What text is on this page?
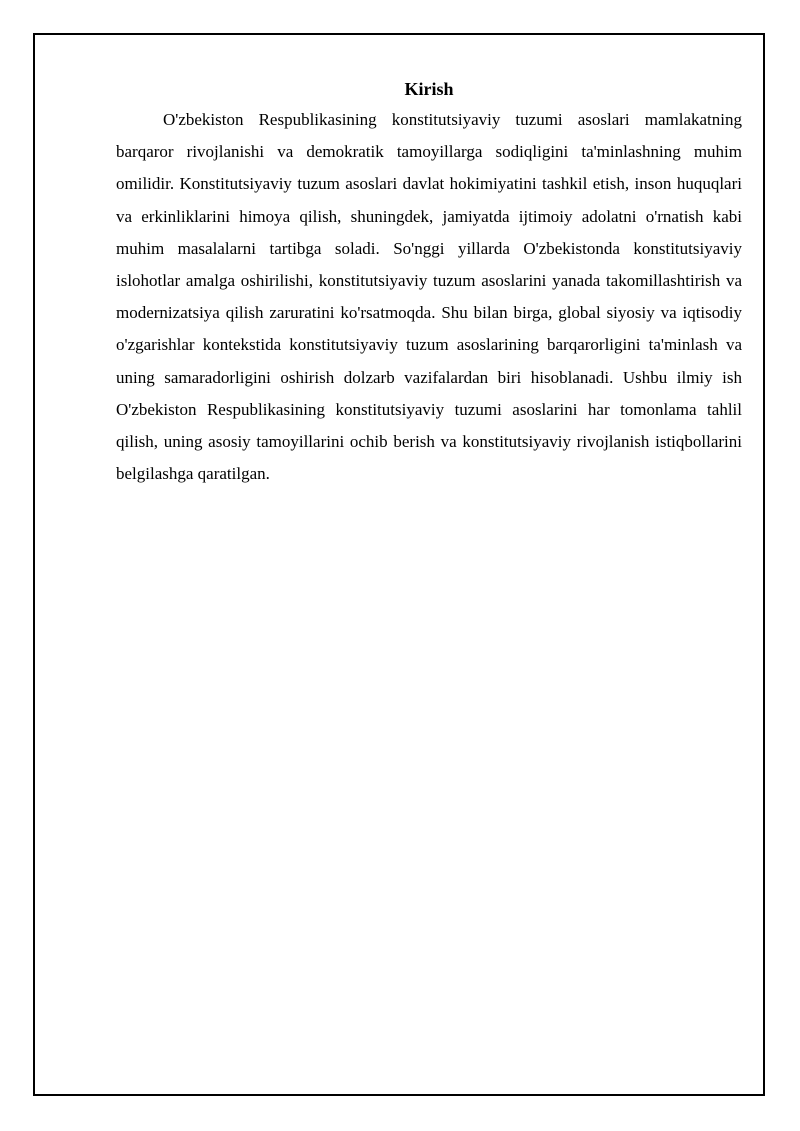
Kirish

O'zbekiston Respublikasining konstitutsiyaviy tuzumi asoslari mamlakatning barqaror rivojlanishi va demokratik tamoyillarga sodiqligini ta'minlashning muhim omilidir. Konstitutsiyaviy tuzum asoslari davlat hokimiyatini tashkil etish, inson huquqlari va erkinliklarini himoya qilish, shuningdek, jamiyatda ijtimoiy adolatni o'rnatish kabi muhim masalalarni tartibga soladi. So'nggi yillarda O'zbekistonda konstitutsiyaviy islohotlar amalga oshirilishi, konstitutsiyaviy tuzum asoslarini yanada takomillashtirish va modernizatsiya qilish zaruratini ko'rsatmoqda. Shu bilan birga, global siyosiy va iqtisodiy o'zgarishlar kontekstida konstitutsiyaviy tuzum asoslarining barqarorligini ta'minlash va uning samaradorligini oshirish dolzarb vazifalardan biri hisoblanadi. Ushbu ilmiy ish O'zbekiston Respublikasining konstitutsiyaviy tuzumi asoslarini har tomonlama tahlil qilish, uning asosiy tamoyillarini ochib berish va konstitutsiyaviy rivojlanish istiqbollarini belgilashga qaratilgan.
